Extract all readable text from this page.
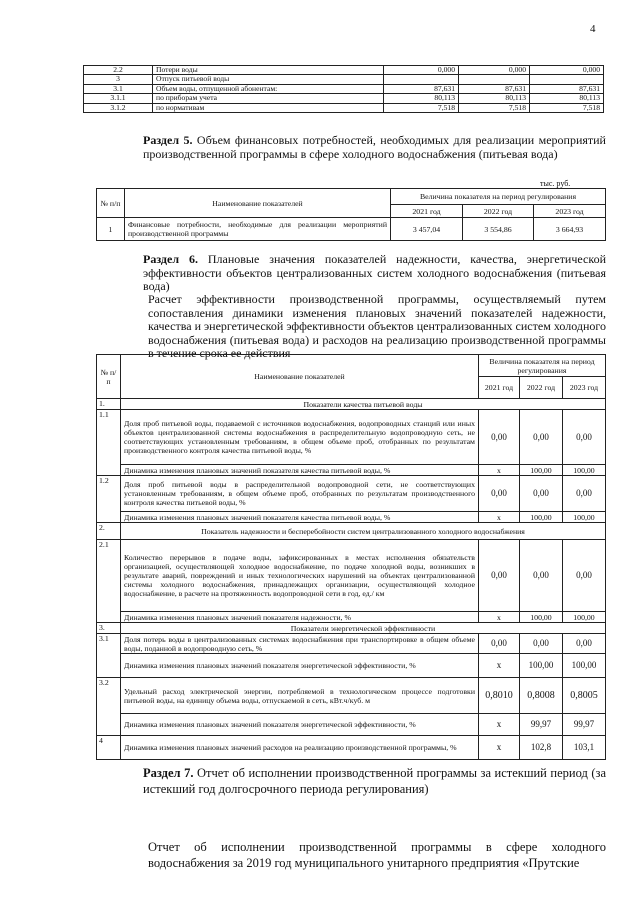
4
2.2	Потери воды	0,000	0,000	0,000
3	Отпуск питьевой воды			
3.1	Объем воды, отпущенной абонентам:	87,631	87,631	87,631
3.1.1	по приборам учета	80,113	80,113	80,113
3.1.2	по нормативам	7,518	7,518	7,518
Раздел 5. Объем финансовых потребностей, необходимых для реализации мероприятий производственной программы в сфере холодного водоснабжения (питьевая вода)
тыс. руб.
№ п/п	Наименование показателей	Величина показателя на период регулирования		
		2021 год	2022 год	2023 год
1	Финансовые потребности, необходимые для реализации мероприятий производственной программы	3 457,04	3 554,86	3 664,93
Раздел 6. Плановые значения показателей надежности, качества, энергетической эффективности объектов централизованных систем холодного водоснабжения (питьевая вода)
Расчет эффективности производственной программы, осуществляемый путем сопоставления динамики изменения плановых значений показателей надежности, качества и энергетической эффективности объектов централизованных систем холодного водоснабжения (питьевая вода) и расходов на реализацию производственной программы в течение срока ее действия
№ п/п	Наименование показателей	Величина показателя на период регулирования		
		2021 год	2022 год	2023 год
1.	Показатели качества питьевой воды			
1.1	Доля проб питьевой воды, подаваемой с источников водоснабжения, водопроводных станций или иных объектов централизованной системы водоснабжения в распределительную водопроводную сеть, не соответствующих установленным требованиям, в общем объеме проб, отобранных по результатам производственного контроля качества питьевой воды, %	0,00	0,00	0,00
	Динамика изменения плановых значений показателя качества питьевой воды, %	x	100,00	100,00
1.2	Доля проб питьевой воды в распределительной водопроводной сети, не соответствующих установленным требованиям, в общем объеме проб, отобранных по результатам производственного контроля качества питьевой воды, %	0,00	0,00	0,00
	Динамика изменения плановых значений показателя качества питьевой воды, %	x	100,00	100,00
2.	Показатель надежности и бесперебойности систем централизованного холодного водоснабжения			
2.1	Количество перерывов в подаче воды, зафиксированных в местах исполнения обязательств организацией, осуществляющей холодное водоснабжение, по подаче холодной воды, возникших в результате аварий, повреждений и иных технологических нарушений на объектах централизованной системы холодного водоснабжения, принадлежащих организации, осуществляющей холодное водоснабжение, в расчете на протяженность водопроводной сети в год, ед./ км	0,00	0,00	0,00
	Динамика изменения плановых значений показателя надежности, %	x	100,00	100,00
3.	Показатели энергетической эффективности			
3.1	Доля потерь воды в централизованных системах водоснабжения при транспортировке в общем объеме воды, поданной в водопроводную сеть, %	0,00	0,00	0,00
	Динамика изменения плановых значений показателя энергетической эффективности, %	x	100,00	100,00
3.2	Удельный расход электрической энергии, потребляемой в технологическом процессе подготовки питьевой воды, на единицу объема воды, отпускаемой в сеть, кВт.ч/куб. м	0,8010	0,8008	0,8005
	Динамика изменения плановых значений показателя энергетической эффективности, %	x	99,97	99,97
4	Динамика изменения плановых значений расходов на реализацию производственной программы, %	x	102,8	103,1
Раздел 7. Отчет об исполнении производственной программы за истекший период (за истекший год долгосрочного периода регулирования)
Отчет об исполнении производственной программы в сфере холодного водоснабжения за 2019 год муниципального унитарного предприятия «Прутские
